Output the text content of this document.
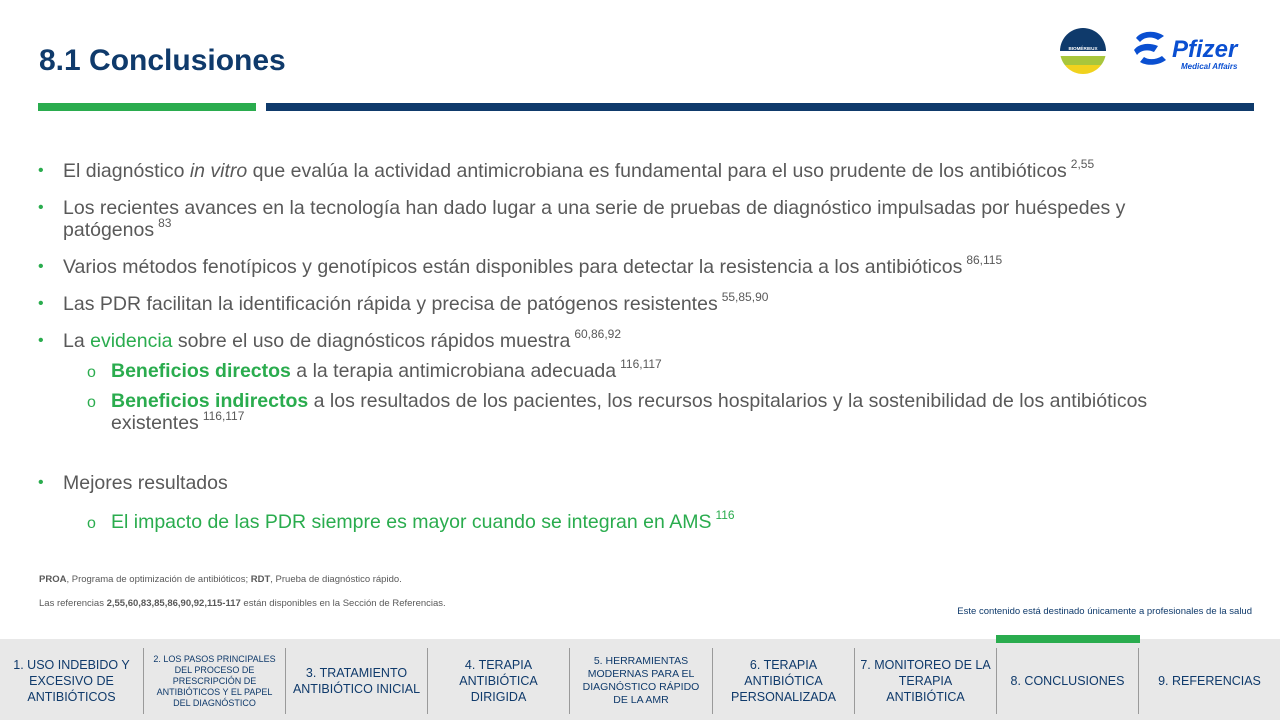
8.1 Conclusiones	BIOMÉRIEUX	Pfizer
Medical Affairs
• El diagnóstico in vitro que evalúa la actividad antimicrobiana es fundamental para el uso prudente de los antibióticos $^{2,55}$
• Los recientes avances en la tecnología han dado lugar a una serie de pruebas de diagnóstico impulsadas por huéspedes y patógenos $^{83}$
• Varios métodos fenotípicos y genotípicos están disponibles para detectar la resistencia a los antibióticos $^{86,115}$
• Las PDR facilitan la identificación rápida y precisa de patógenos resistentes $^{55,85,90}$
• La evidencia sobre el uso de diagnósticos rápidos muestra $^{60,86,92}$
o Beneficios directos a la terapia antimicrobiana adecuada $^{116,117}$
o Beneficios indirectos a los resultados de los pacientes, los recursos hospitalarios y la sostenibilidad de los antibióticos existentes $^{116,117}$
• Mejores resultados
o El impacto de las PDR siempre es mayor cuando se integran en AMS $^{116}$
PROA, Programa de optimización de antibióticos; RDT, Prueba de diagnóstico rápido.
Las referencias 2,55,60,83,85,86,90,92,115-117 están disponibles en la Sección de Referencias.
Este contenido está destinado únicamente a profesionales de la salud
1. USO INDEBIDO Y EXCESIVO DE ANTIBIÓTICOS
2. LOS PASOS PRINCIPALES DEL PROCESO DE PRESCRIPCIÓN DE ANTIBIÓTICOS Y EL PAPEL DEL DIAGNÓSTICO
3. TRATAMIENTO ANTIBIÓTICO INICIAL
4. TERAPIA ANTIBIÓTICA DIRIGIDA
5. HERRAMIENTAS MODERNAS PARA EL DIAGNÓSTICO RÁPIDO DE LA AMR
6. TERAPIA ANTIBIÓTICA PERSONALIZADA
7. MONITOREO DE LA TERAPIA ANTIBIÓTICA
8. CONCLUSIONES	9. REFERENCIAS
